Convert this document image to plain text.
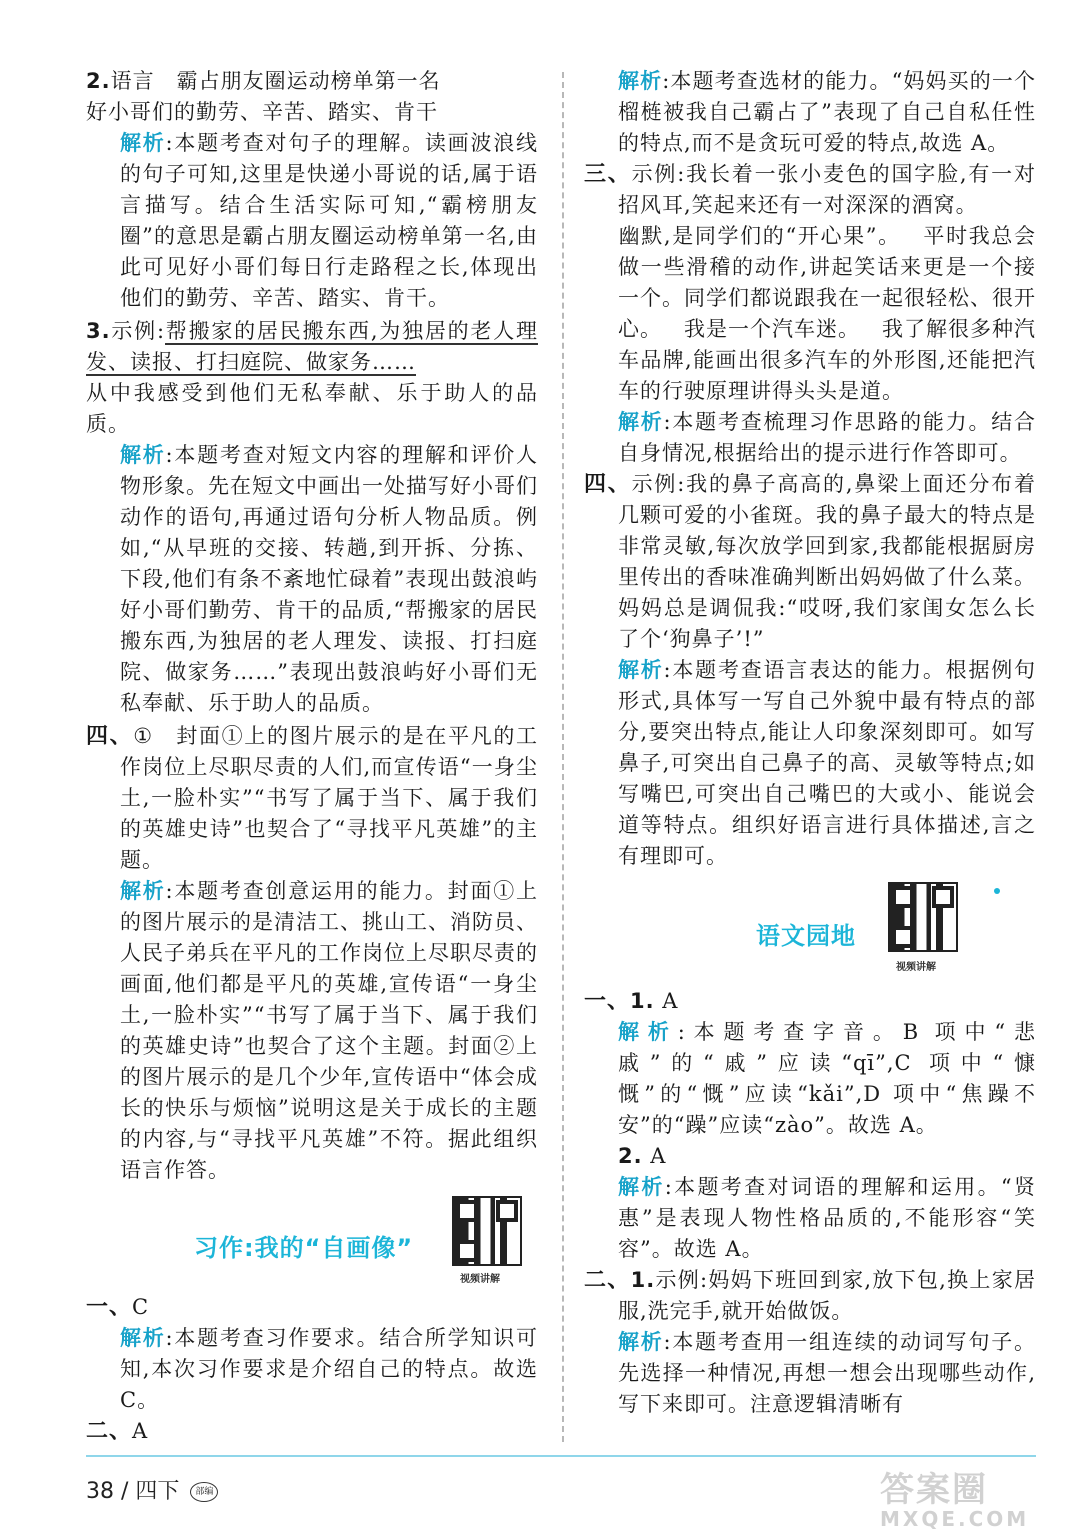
2.语言 霸占朋友圈运动榜单第一名

好小哥们的勤劳、辛苦、踏实、肯干

解析:本题考查对句子的理解。读画波浪线的句子可知,这里是快递小哥说的话,属于语言描写。结合生活实际可知,“霸榜朋友圈”的意思是霸占朋友圈运动榜单第一名,由此可见好小哥们每日行走路程之长,体现出他们的勤劳、辛苦、踏实、肯干。

3.示例:帮搬家的居民搬东西,为独居的老人理发、读报、打扫庭院、做家务……

从中我感受到他们无私奉献、乐于助人的品质。

解析:本题考查对短文内容的理解和评价人物形象。先在短文中画出一处描写好小哥们动作的语句,再通过语句分析人物品质。例如,“从早班的交接、转趟,到开拆、分拣、下段,他们有条不紊地忙碌着”表现出鼓浪屿好小哥们勤劳、肯干的品质,“帮搬家的居民搬东西,为独居的老人理发、读报、打扫庭院、做家务……”表现出鼓浪屿好小哥们无私奉献、乐于助人的品质。

四、① 封面①上的图片展示的是在平凡的工作岗位上尽职尽责的人们,而宣传语“一身尘土,一脸朴实”“书写了属于当下、属于我们的英雄史诗”也契合了“寻找平凡英雄”的主题。

解析:本题考查创意运用的能力。封面①上的图片展示的是清洁工、挑山工、消防员、人民子弟兵在平凡的工作岗位上尽职尽责的画面,他们都是平凡的英雄,宣传语“一身尘土,一脸朴实”“书写了属于当下、属于我们的英雄史诗”也契合了这个主题。封面②上的图片展示的是几个少年,宣传语中“体会成长的快乐与烦恼”说明这是关于成长的主题的内容,与“寻找平凡英雄”不符。据此组织语言作答。

习作:我的“自画像”
视频讲解

一、C

解析:本题考查习作要求。结合所学知识可知,本次习作要求是介绍自己的特点。故选 C。

二、A

解析:本题考查选材的能力。“妈妈买的一个榴梿被我自己霸占了”表现了自己自私任性的特点,而不是贪玩可爱的特点,故选 A。

三、示例:我长着一张小麦色的国字脸,有一对招风耳,笑起来还有一对深深的酒窝。

幽默,是同学们的“开心果”。 平时我总会做一些滑稽的动作,讲起笑话来更是一个接一个。同学们都说跟我在一起很轻松、很开心。 我是一个汽车迷。 我了解很多种汽车品牌,能画出很多汽车的外形图,还能把汽车的行驶原理讲得头头是道。

解析:本题考查梳理习作思路的能力。结合自身情况,根据给出的提示进行作答即可。

四、示例:我的鼻子高高的,鼻梁上面还分布着几颗可爱的小雀斑。我的鼻子最大的特点是非常灵敏,每次放学回到家,我都能根据厨房里传出的香味准确判断出妈妈做了什么菜。妈妈总是调侃我:“哎呀,我们家闺女怎么长了个‘狗鼻子’!”

解析:本题考查语言表达的能力。根据例句形式,具体写一写自己外貌中最有特点的部分,要突出特点,能让人印象深刻即可。如写鼻子,可突出自己鼻子的高、灵敏等特点;如写嘴巴,可突出自己嘴巴的大或小、能说会道等特点。组织好语言进行具体描述,言之有理即可。

语文园地
视频讲解

一、1. A

解析:本题考查字音。B 项中“悲戚”的“戚”应读“qī”,C 项中“慷慨”的“慨”应读“kǎi”,D 项中“焦躁不安”的“躁”应读“zào”。故选 A。

2. A

解析:本题考查对词语的理解和运用。“贤惠”是表现人物性格品质的,不能形容“笑容”。故选 A。

二、1.示例:妈妈下班回到家,放下包,换上家居服,洗完手,就开始做饭。

解析:本题考查用一组连续的动词写句子。先选择一种情况,再想一想会出现哪些动作,写下来即可。注意逻辑清晰有

38 / 四下 部编	答案圈
MXQE.COM
